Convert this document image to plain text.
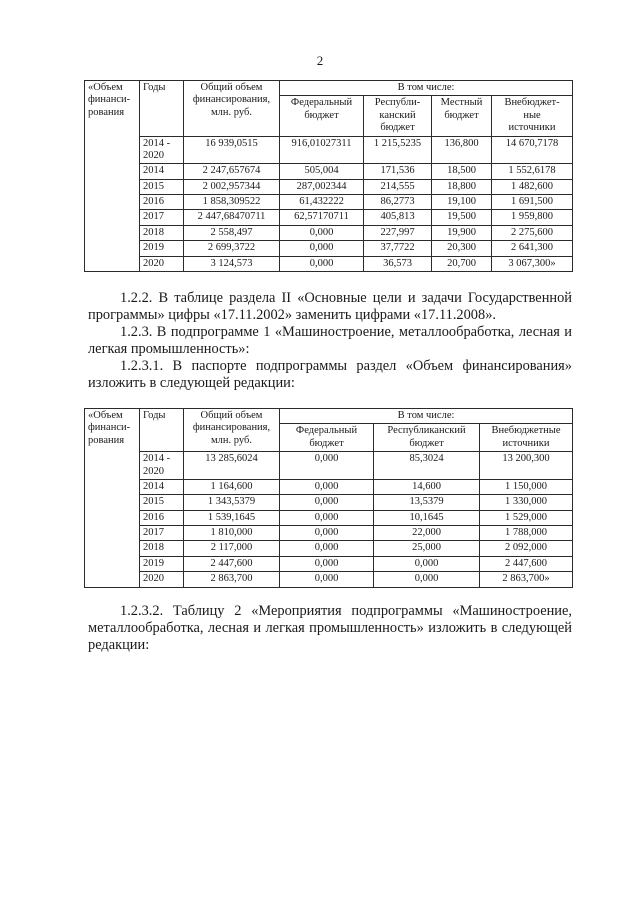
2
«Объем
финанси-
рования	Годы	Общий объем
финансирования,
млн. руб.	В том числе:			
			Федеральный
бюджет	Республи-
канский
бюджет	Местный
бюджет	Внебюджет-
ные
источники
	2014 -
2020	16 939,0515	916,01027311	1 215,5235	136,800	14 670,7178
	2014	2 247,657674	505,004	171,536	18,500	1 552,6178
	2015	2 002,957344	287,002344	214,555	18,800	1 482,600
	2016	1 858,309522	61,432222	86,2773	19,100	1 691,500
	2017	2 447,68470711	62,57170711	405,813	19,500	1 959,800
	2018	2 558,497	0,000	227,997	19,900	2 275,600
	2019	2 699,3722	0,000	37,7722	20,300	2 641,300
	2020	3 124,573	0,000	36,573	20,700	3 067,300»

1.2.2. В таблице раздела II «Основные цели и задачи Государственной программы» цифры «17.11.2002» заменить цифрами «17.11.2008».

1.2.3. В подпрограмме 1 «Машиностроение, металлообработка, лесная и легкая промышленность»:

1.2.3.1. В паспорте подпрограммы раздел «Объем финансирования» изложить в следующей редакции:

«Объем
финанси-
рования	Годы	Общий объем
финансирования,
млн. руб.	В том числе:		
			Федеральный
бюджет	Республиканский
бюджет	Внебюджетные
источники
	2014 -
2020	13 285,6024	0,000	85,3024	13 200,300
	2014	1 164,600	0,000	14,600	1 150,000
	2015	1 343,5379	0,000	13,5379	1 330,000
	2016	1 539,1645	0,000	10,1645	1 529,000
	2017	1 810,000	0,000	22,000	1 788,000
	2018	2 117,000	0,000	25,000	2 092,000
	2019	2 447,600	0,000	0,000	2 447,600
	2020	2 863,700	0,000	0,000	2 863,700»

1.2.3.2. Таблицу 2 «Мероприятия подпрограммы «Машиностроение, металлообработка, лесная и легкая промышленность» изложить в следующей редакции:
